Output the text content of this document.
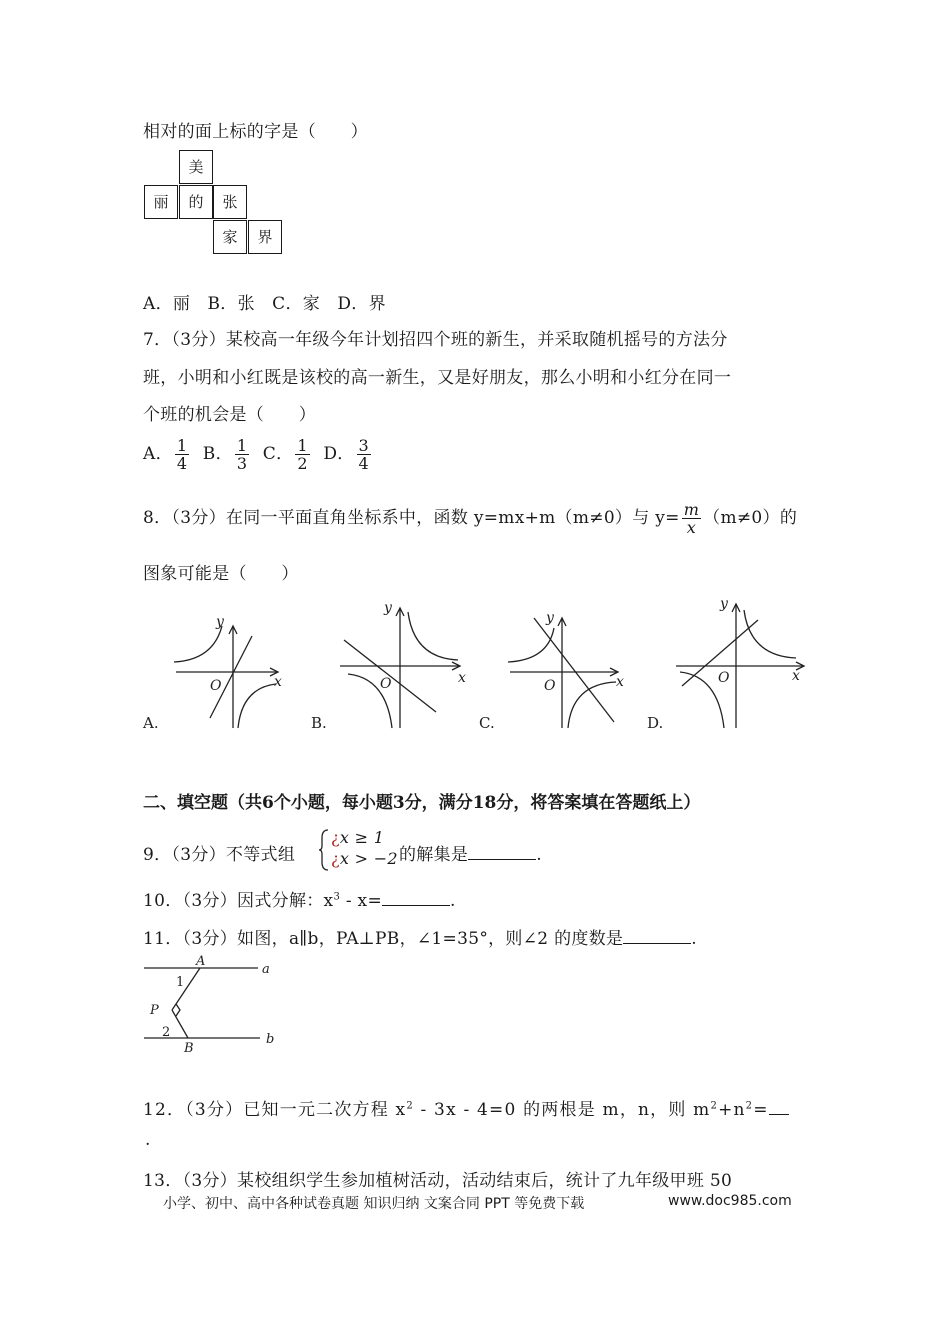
相对的面上标的字是（　　）
美
丽	的	张
家	界
A．丽　B．张　C．家　D．界
7．（3分）某校高一年级今年计划招四个班的新生，并采取随机摇号的方法分
班，小明和小红既是该校的高一新生，又是好朋友，那么小明和小红分在同一
个班的机会是（　　）
A． $\frac{1}{4}$ B． $\frac{1}{3}$ C． $\frac{1}{2}$ D． $\frac{3}{4}$
8．（3分）在同一平面直角坐标系中，函数 y=mx+m（m≠0）与 $y= \frac{m}{x} (m\ne 0)$的
图象可能是（　　）
y
x
O
y
x
O
y
x
O
y
x
O
A.	B.	C.	D.
二、填空题（共6个小题，每小题3分，满分18分，将答案填在答题纸上）
9．（3分）不等式组
¿x ≥ 1
¿x > −2 的解集是	.
10．（3分）因式分解：$x^3 - x=$	.
11．（3分）如图，a∥b，PA⊥PB，∠1=35°，则∠2 的度数是	.
A
a
P
B
b
1
2
12．（3分）已知一元二次方程 $x^2 - 3x - 4=0$ 的两根是 m，n，则 $m^2+n^2=$
.
13．（3分）某校组织学生参加植树活动，活动结束后，统计了九年级甲班 50
小学、初中、高中各种试卷真题 知识归纳 文案合同 PPT 等免费下载	www.doc985.com
